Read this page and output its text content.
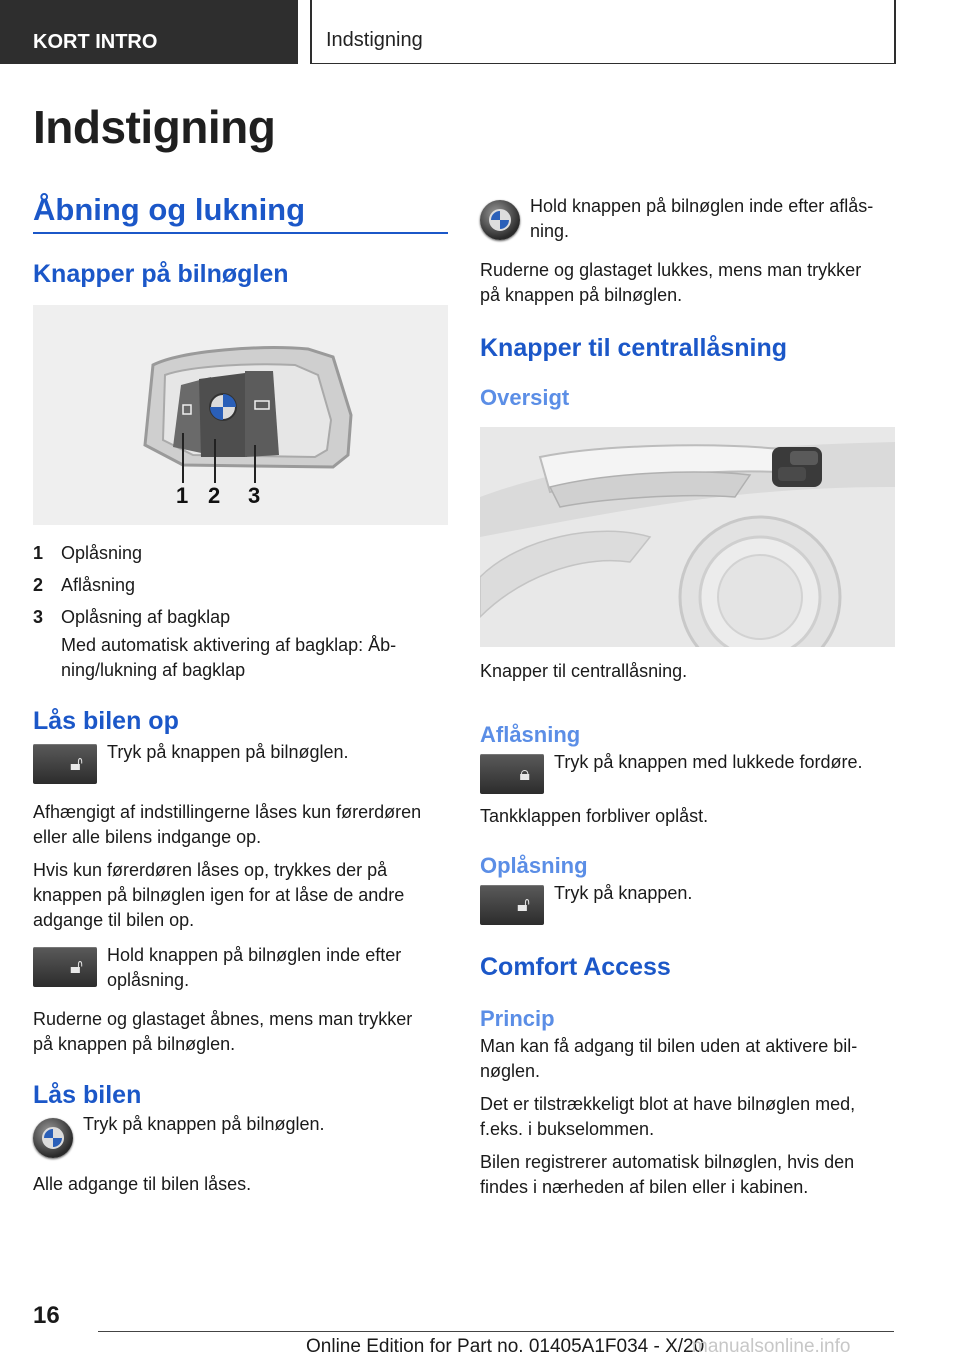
KORT INTRO	Indstigning
Indstigning
Åbning og lukning
Knapper på bilnøglen
1 2 3
1 Oplåsning
2 Aflåsning
3 Oplåsning af bagklap
Med automatisk aktivering af bagklap: Åb-
ning/lukning af bagklap
Lås bilen op
🔓︎
Tryk på knappen på bilnøglen.
Afhængigt af indstillingerne låses kun førerdøren
eller alle bilens indgange op.
Hvis kun førerdøren låses op, trykkes der på
knappen på bilnøglen igen for at låse de andre
adgange til bilen op.
🔓︎
Hold knappen på bilnøglen inde efter
oplåsning.
Ruderne og glastaget åbnes, mens man trykker
på knappen på bilnøglen.
Lås bilen
Tryk på knappen på bilnøglen.
Alle adgange til bilen låses.
Hold knappen på bilnøglen inde efter aflås-
ning.
Ruderne og glastaget lukkes, mens man trykker
på knappen på bilnøglen.
Knapper til centrallåsning
Oversigt
Knapper til centrallåsning.
Aflåsning
🔒︎
Tryk på knappen med lukkede fordøre.
Tankklappen forbliver oplåst.
Oplåsning
🔓︎
Tryk på knappen.
Comfort Access
Princip
Man kan få adgang til bilen uden at aktivere bil-
nøglen.
Det er tilstrækkeligt blot at have bilnøglen med,
f.eks. i bukselommen.
Bilen registrerer automatisk bilnøglen, hvis den
findes i nærheden af bilen eller i kabinen.
16
Online Edition for Part no. 01405A1F034 - X/20
manualsonline.info
